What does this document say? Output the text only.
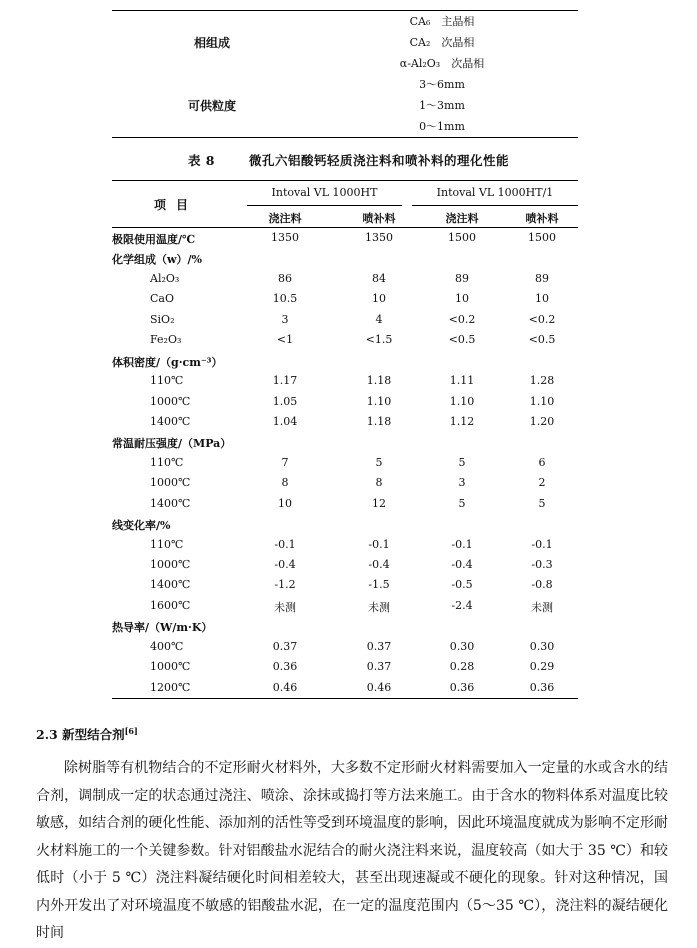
相组成
CA₆　主晶相
CA₂　次晶相
α-Al₂O₃　次晶相
可供粒度
3～6mm
1～3mm
0～1mm
表 8	微孔六铝酸钙轻质浇注料和喷补料的理化性能
项目
Intoval VL 1000HT	Intoval VL 1000HT/1
浇注料	喷补料	浇注料	喷补料
极限使用温度/℃	1350	1350	1500	1500
化学组成（w）/%
Al₂O₃	86	84	89	89
CaO	10.5	10	10	10
SiO₂	3	4	<0.2	<0.2
Fe₂O₃	<1	<1.5	<0.5	<0.5
体积密度/（g·cm⁻³）
110℃	1.17	1.18	1.11	1.28
1000℃	1.05	1.10	1.10	1.10
1400℃	1.04	1.18	1.12	1.20
常温耐压强度/（MPa）
110℃	7	5	5	6
1000℃	8	8	3	2
1400℃	10	12	5	5
线变化率/%
110℃	-0.1	-0.1	-0.1	-0.1
1000℃	-0.4	-0.4	-0.4	-0.3
1400℃	-1.2	-1.5	-0.5	-0.8
1600℃	未测	未测	-2.4	未测
热导率/（W/m·K）
400℃	0.37	0.37	0.30	0.30
1000℃	0.36	0.37	0.28	0.29
1200℃	0.46	0.46	0.36	0.36
2.3 新型结合剂[6]

除树脂等有机物结合的不定形耐火材料外，大多数不定形耐火材料需要加入一定量的水或含水的结合剂，调制成一定的状态通过浇注、喷涂、涂抹或捣打等方法来施工。由于含水的物料体系对温度比较敏感，如结合剂的硬化性能、添加剂的活性等受到环境温度的影响，因此环境温度就成为影响不定形耐火材料施工的一个关键参数。针对铝酸盐水泥结合的耐火浇注料来说，温度较高（如大于 35 ℃）和较低时（小于 5 ℃）浇注料凝结硬化时间相差较大，甚至出现速凝或不硬化的现象。针对这种情况，国内外开发出了对环境温度不敏感的铝酸盐水泥，在一定的温度范围内（5～35 ℃），浇注料的凝结硬化时间
